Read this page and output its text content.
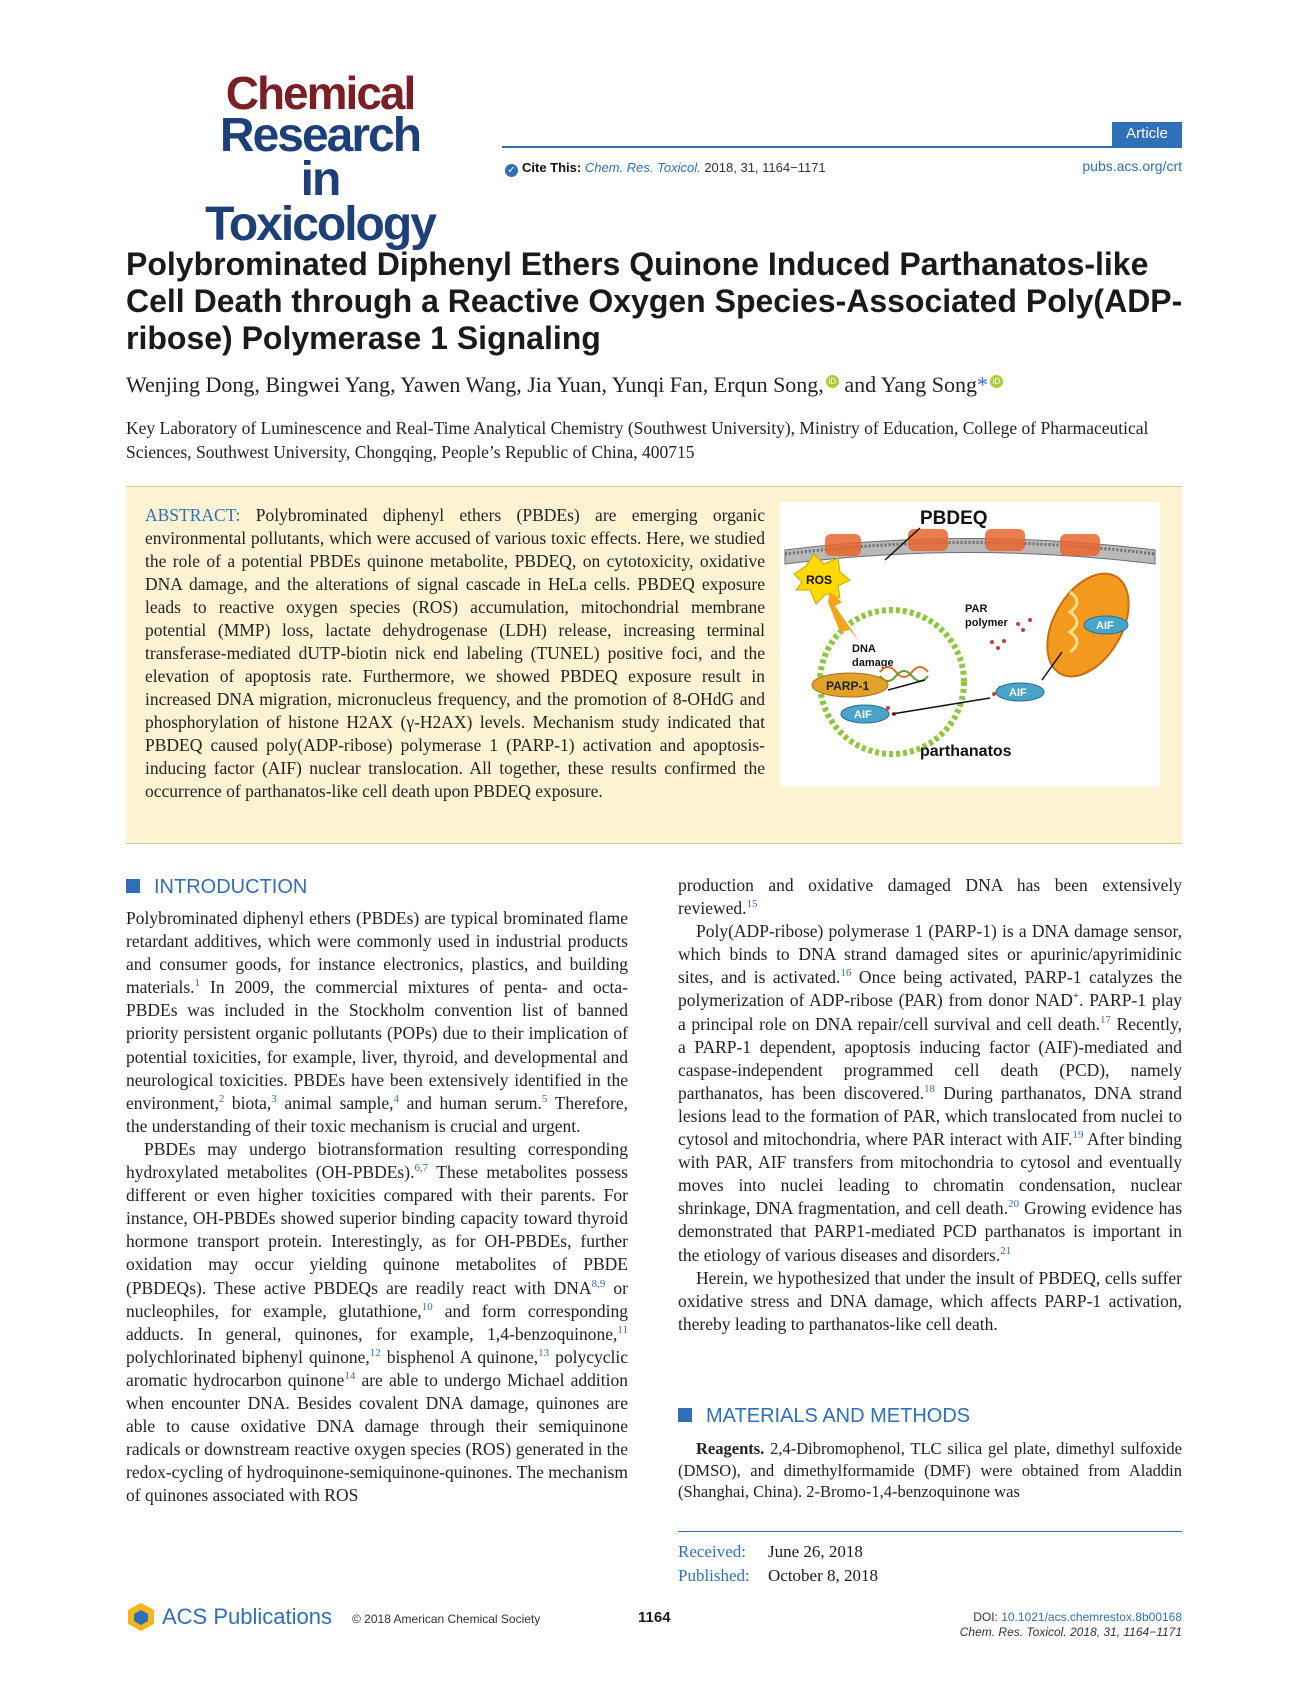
Chemical
Research in
Toxicology
Article
✓ Cite This: Chem. Res. Toxicol. 2018, 31, 1164−1171	pubs.acs.org/crt
Polybrominated Diphenyl Ethers Quinone Induced Parthanatos-like Cell Death through a Reactive Oxygen Species-Associated Poly(ADP-ribose) Polymerase 1 Signaling
Wenjing Dong, Bingwei Yang, Yawen Wang, Jia Yuan, Yunqi Fan, Erqun Song, iD and Yang Song* iD
Key Laboratory of Luminescence and Real-Time Analytical Chemistry (Southwest University), Ministry of Education, College of Pharmaceutical Sciences, Southwest University, Chongqing, People’s Republic of China, 400715
ABSTRACT: Polybrominated diphenyl ethers (PBDEs) are emerging organic environmental pollutants, which were accused of various toxic effects. Here, we studied the role of a potential PBDEs quinone metabolite, PBDEQ, on cytotoxicity, oxidative DNA damage, and the alterations of signal cascade in HeLa cells. PBDEQ exposure leads to reactive oxygen species (ROS) accumulation, mitochondrial membrane potential (MMP) loss, lactate dehydrogenase (LDH) release, increasing terminal transferase-mediated dUTP-biotin nick end labeling (TUNEL) positive foci, and the elevation of apoptosis rate. Furthermore, we showed PBDEQ exposure result in increased DNA migration, micronucleus frequency, and the promotion of 8-OHdG and phosphorylation of histone H2AX (γ-H2AX) levels. Mechanism study indicated that PBDEQ caused poly(ADP-ribose) polymerase 1 (PARP-1) activation and apoptosis-inducing factor (AIF) nuclear translocation. All together, these results confirmed the occurrence of parthanatos-like cell death upon PBDEQ exposure.
PBDEQ
ROS
DNA
damage
PARP-1
AIF
AIF
PAR
polymer
AIF
parthanatos
INTRODUCTION

Polybrominated diphenyl ethers (PBDEs) are typical brominated flame retardant additives, which were commonly used in industrial products and consumer goods, for instance electronics, plastics, and building materials.$^1$ In 2009, the commercial mixtures of penta- and octa-PBDEs was included in the Stockholm convention list of banned priority persistent organic pollutants (POPs) due to their implication of potential toxicities, for example, liver, thyroid, and developmental and neurological toxicities. PBDEs have been extensively identified in the environment,$^2$ biota,$^3$ animal sample,$^4$ and human serum.$^5$ Therefore, the understanding of their toxic mechanism is crucial and urgent.

PBDEs may undergo biotransformation resulting corresponding hydroxylated metabolites (OH-PBDEs).$^{6,7}$ These metabolites possess different or even higher toxicities compared with their parents. For instance, OH-PBDEs showed superior binding capacity toward thyroid hormone transport protein. Interestingly, as for OH-PBDEs, further oxidation may occur yielding quinone metabolites of PBDE (PBDEQs). These active PBDEQs are readily react with DNA$^{8,9}$ or nucleophiles, for example, glutathione,$^{10}$ and form corresponding adducts. In general, quinones, for example, 1,4-benzoquinone,$^{11}$ polychlorinated biphenyl quinone,$^{12}$ bisphenol A quinone,$^{13}$ polycyclic aromatic hydrocarbon quinone$^{14}$ are able to undergo Michael addition when encounter DNA. Besides covalent DNA damage, quinones are able to cause oxidative DNA damage through their semiquinone radicals or downstream reactive oxygen species (ROS) generated in the redox-cycling of hydroquinone-semiquinone-quinones. The mechanism of quinones associated with ROS

production and oxidative damaged DNA has been extensively reviewed.$^{15}$

Poly(ADP-ribose) polymerase 1 (PARP-1) is a DNA damage sensor, which binds to DNA strand damaged sites or apurinic/apyrimidinic sites, and is activated.$^{16}$ Once being activated, PARP-1 catalyzes the polymerization of ADP-ribose (PAR) from donor NAD+. PARP-1 play a principal role on DNA repair/cell survival and cell death.$^{17}$ Recently, a PARP-1 dependent, apoptosis inducing factor (AIF)-mediated and caspase-independent programmed cell death (PCD), namely parthanatos, has been discovered.$^{18}$ During parthanatos, DNA strand lesions lead to the formation of PAR, which translocated from nuclei to cytosol and mitochondria, where PAR interact with AIF.$^{19}$ After binding with PAR, AIF transfers from mitochondria to cytosol and eventually moves into nuclei leading to chromatin condensation, nuclear shrinkage, DNA fragmentation, and cell death.$^{20}$ Growing evidence has demonstrated that PARP1-mediated PCD parthanatos is important in the etiology of various diseases and disorders.$^{21}$

Herein, we hypothesized that under the insult of PBDEQ, cells suffer oxidative stress and DNA damage, which affects PARP-1 activation, thereby leading to parthanatos-like cell death.

MATERIALS AND METHODS

Reagents. 2,4-Dibromophenol, TLC silica gel plate, dimethyl sulfoxide (DMSO), and dimethylformamide (DMF) were obtained from Aladdin (Shanghai, China). 2-Bromo-1,4-benzoquinone was

Received: June 26, 2018
Published: October 8, 2018
ACS Publications © 2018 American Chemical Society	1164	DOI: 10.1021/acs.chemrestox.8b00168
Chem. Res. Toxicol. 2018, 31, 1164−1171
